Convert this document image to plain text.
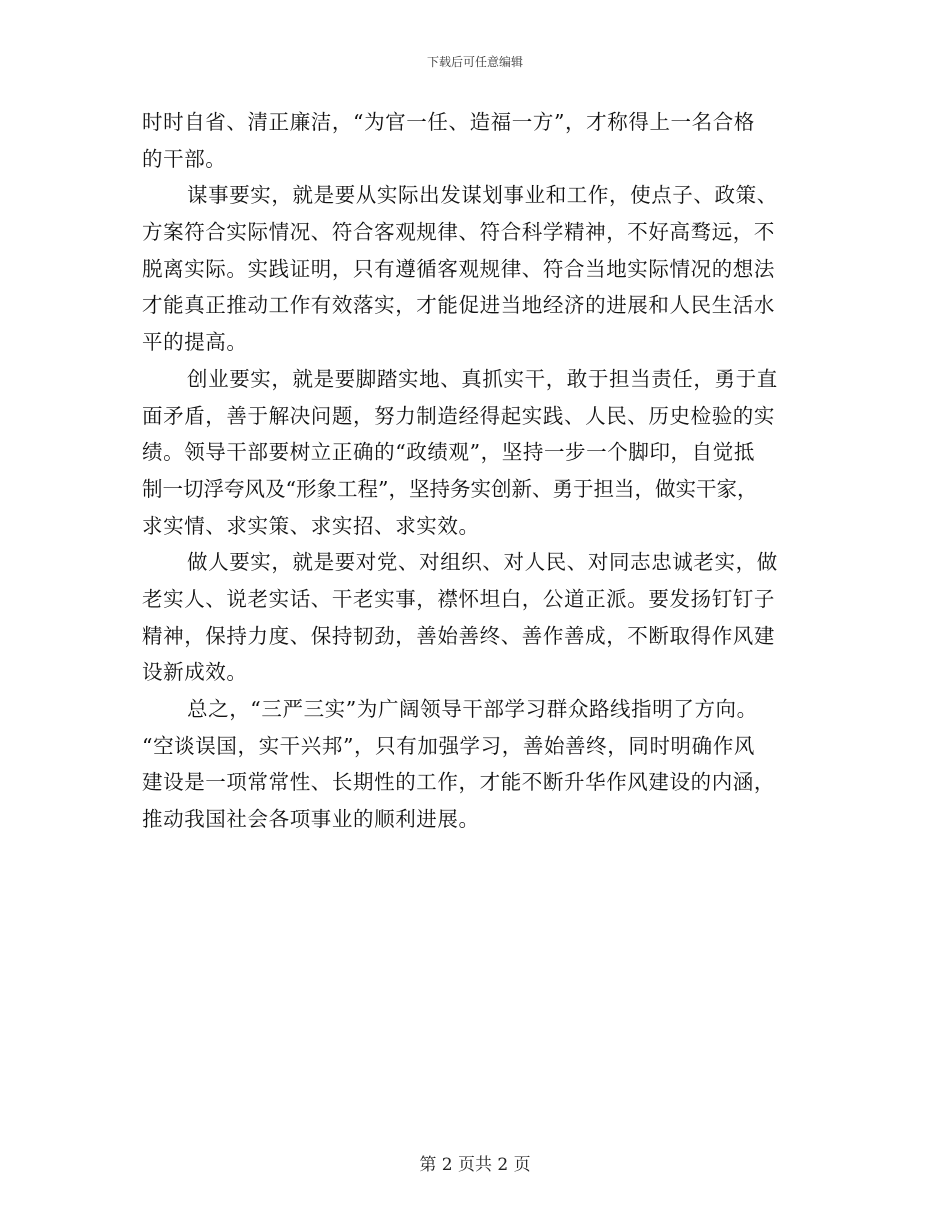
下载后可任意编辑
时时自省、清正廉洁，“为官一任、造福一方”，才称得上一名合格
的干部。
谋事要实，就是要从实际出发谋划事业和工作，使点子、政策、
方案符合实际情况、符合客观规律、符合科学精神，不好高骛远，不
脱离实际。实践证明，只有遵循客观规律、符合当地实际情况的想法
才能真正推动工作有效落实，才能促进当地经济的进展和人民生活水
平的提高。
创业要实，就是要脚踏实地、真抓实干，敢于担当责任，勇于直
面矛盾，善于解决问题，努力制造经得起实践、人民、历史检验的实
绩。领导干部要树立正确的“政绩观”，坚持一步一个脚印，自觉抵
制一切浮夸风及“形象工程”，坚持务实创新、勇于担当，做实干家，
求实情、求实策、求实招、求实效。
做人要实，就是要对党、对组织、对人民、对同志忠诚老实，做
老实人、说老实话、干老实事，襟怀坦白，公道正派。要发扬钉钉子
精神，保持力度、保持韧劲，善始善终、善作善成，不断取得作风建
设新成效。
总之，“三严三实”为广阔领导干部学习群众路线指明了方向。
“空谈误国，实干兴邦”，只有加强学习，善始善终，同时明确作风
建设是一项常常性、长期性的工作，才能不断升华作风建设的内涵，
推动我国社会各项事业的顺利进展。
第 2 页共 2 页
